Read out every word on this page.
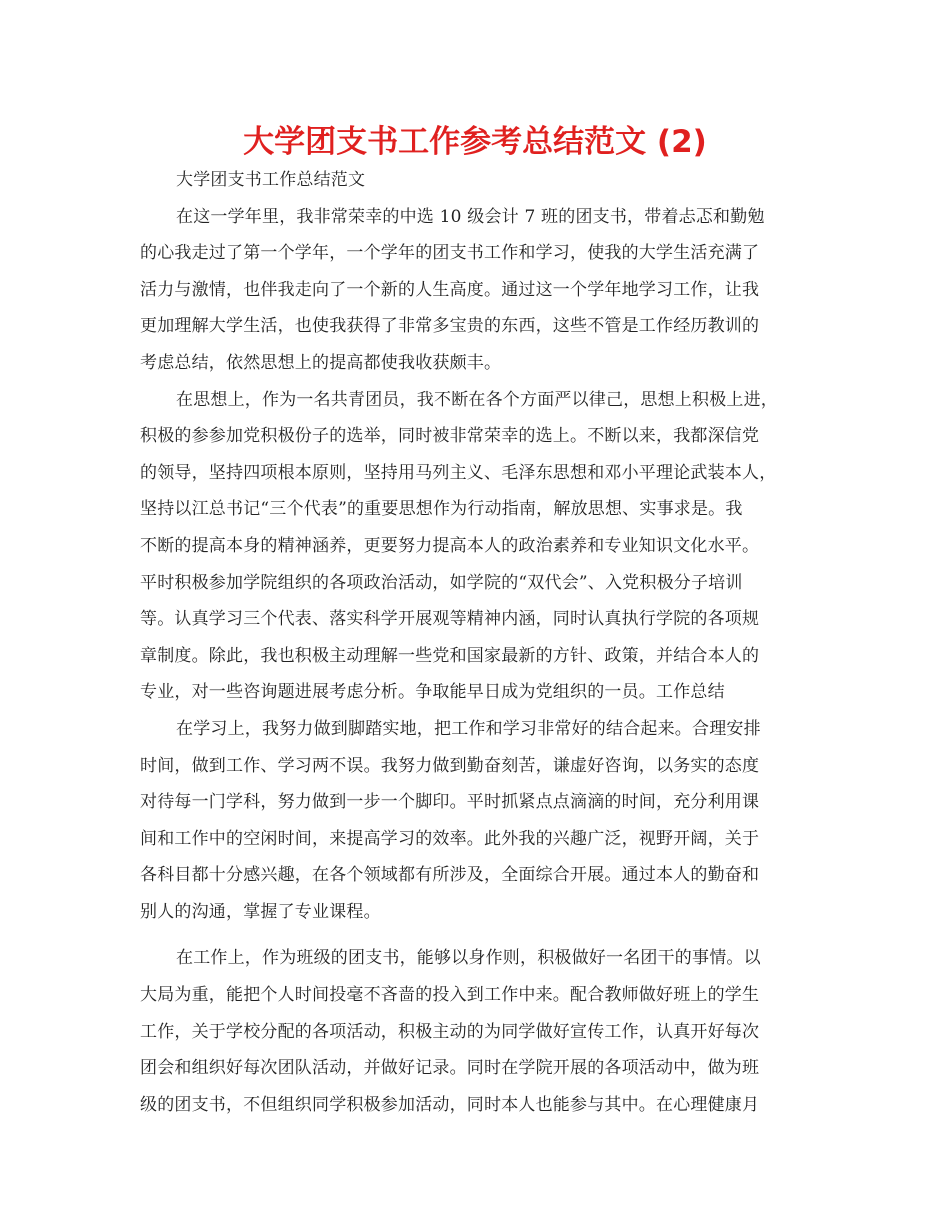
大学团支书工作参考总结范文 (2)
大学团支书工作总结范文
在这一学年里，我非常荣幸的中选 10 级会计 7 班的团支书，带着忐忑和勤勉
的心我走过了第一个学年，一个学年的团支书工作和学习，使我的大学生活充满了
活力与激情，也伴我走向了一个新的人生高度。通过这一个学年地学习工作，让我
更加理解大学生活，也使我获得了非常多宝贵的东西，这些不管是工作经历教训的
考虑总结，依然思想上的提高都使我收获颇丰。
在思想上，作为一名共青团员，我不断在各个方面严以律己，思想上积极上进，
积极的参参加党积极份子的选举，同时被非常荣幸的选上。不断以来，我都深信党
的领导，坚持四项根本原则，坚持用马列主义、毛泽东思想和邓小平理论武装本人，
坚持以江总书记“三个代表”的重要思想作为行动指南，解放思想、实事求是。我
不断的提高本身的精神涵养，更要努力提高本人的政治素养和专业知识文化水平。
平时积极参加学院组织的各项政治活动，如学院的“双代会”、入党积极分子培训
等。认真学习三个代表、落实科学开展观等精神内涵，同时认真执行学院的各项规
章制度。除此，我也积极主动理解一些党和国家最新的方针、政策，并结合本人的
专业，对一些咨询题进展考虑分析。争取能早日成为党组织的一员。工作总结
在学习上，我努力做到脚踏实地，把工作和学习非常好的结合起来。合理安排
时间，做到工作、学习两不误。我努力做到勤奋刻苦，谦虚好咨询，以务实的态度
对待每一门学科，努力做到一步一个脚印。平时抓紧点点滴滴的时间，充分利用课
间和工作中的空闲时间，来提高学习的效率。此外我的兴趣广泛，视野开阔，关于
各科目都十分感兴趣，在各个领域都有所涉及，全面综合开展。通过本人的勤奋和
别人的沟通，掌握了专业课程。
在工作上，作为班级的团支书，能够以身作则，积极做好一名团干的事情。以
大局为重，能把个人时间投毫不吝啬的投入到工作中来。配合教师做好班上的学生
工作，关于学校分配的各项活动，积极主动的为同学做好宣传工作，认真开好每次
团会和组织好每次团队活动，并做好记录。同时在学院开展的各项活动中，做为班
级的团支书，不但组织同学积极参加活动，同时本人也能参与其中。在心理健康月
